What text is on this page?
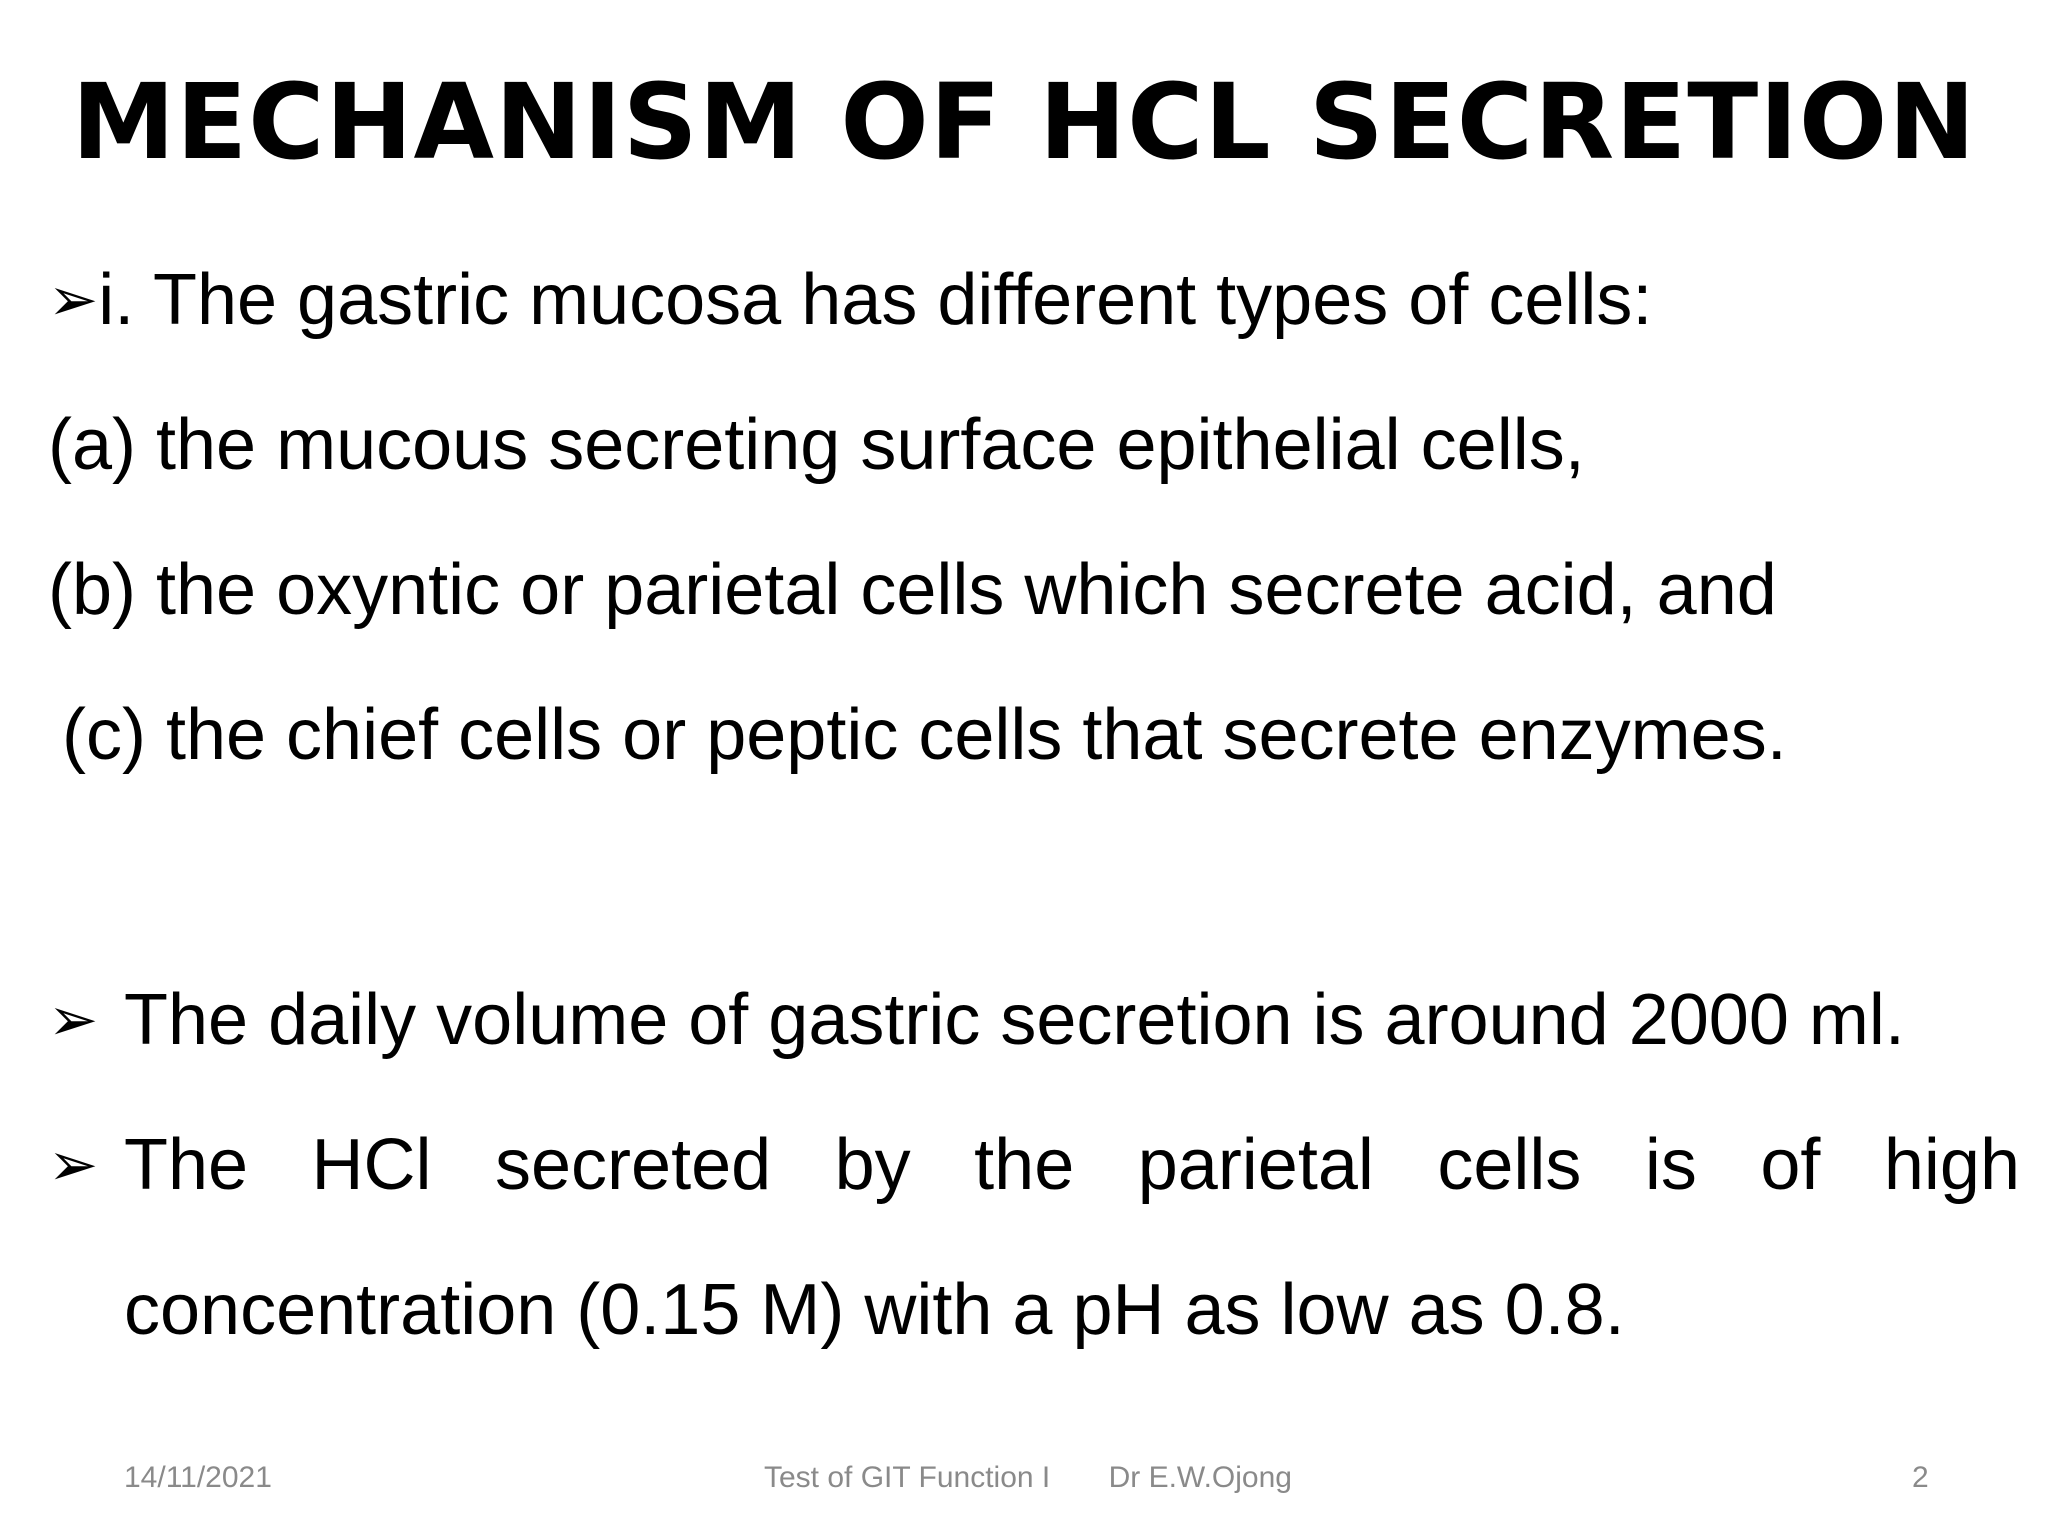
MECHANISM OF HCL SECRETION
➢i. The gastric mucosa has different types of cells:
(a) the mucous secreting surface epithelial cells,
(b) the oxyntic or parietal cells which secrete acid, and
(c) the chief cells or peptic cells that secrete enzymes.
➢ The daily volume of gastric secretion is around 2000 ml.
➢ The HCl secreted by the parietal cells is of high concentration (0.15 M) with a pH as low as 0.8.
14/11/2021	Test of GIT Function I       Dr E.W.Ojong	2
